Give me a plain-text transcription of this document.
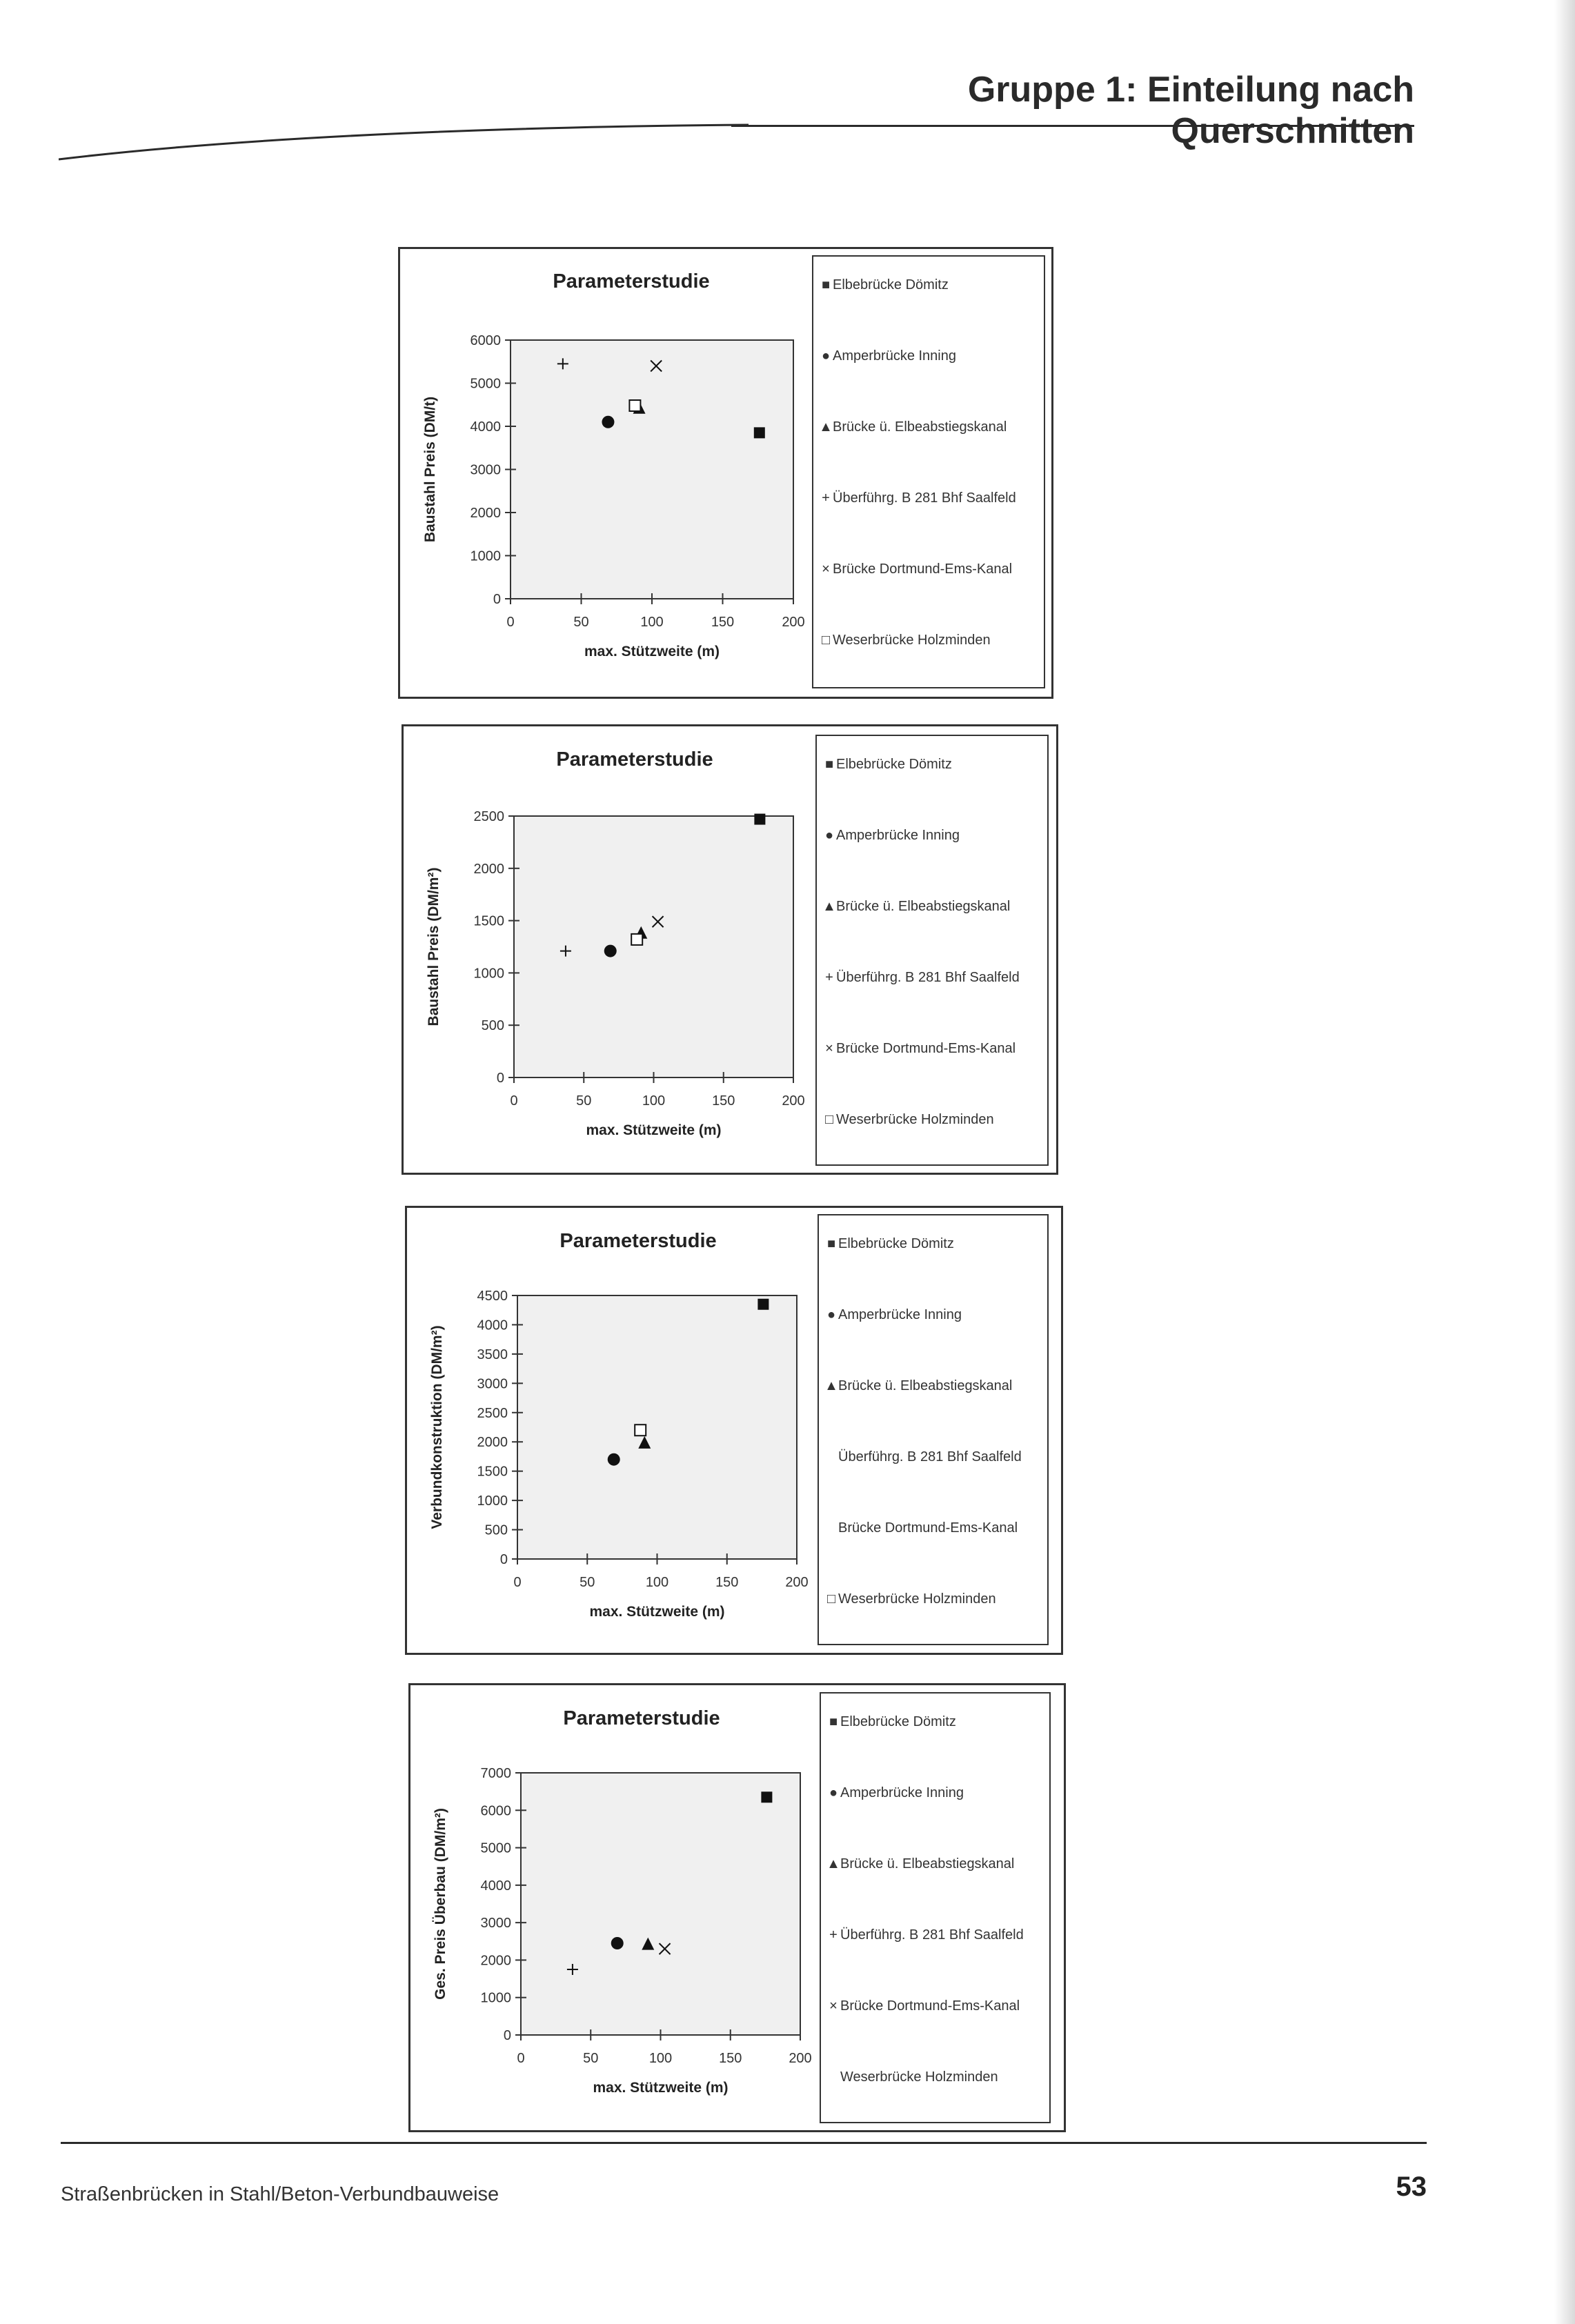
Gruppe 1: Einteilung nach Querschnitten
Parameterstudie
0
1000
2000
3000
4000
5000
6000
0	50	100	150	200
max. Stützweite (m)
Baustahl Preis (DM/t)
■ Elbebrücke Dömitz
● Amperbrücke Inning
▲ Brücke ü. Elbeabstiegskanal
+ Überführg. B 281 Bhf Saalfeld
× Brücke Dortmund-Ems-Kanal
□ Weserbrücke Holzminden
Parameterstudie
0
500
1000
1500
2000
2500
0	50	100	150	200
max. Stützweite (m)
Baustahl Preis (DM/m²)
■ Elbebrücke Dömitz
● Amperbrücke Inning
▲ Brücke ü. Elbeabstiegskanal
+ Überführg. B 281 Bhf Saalfeld
× Brücke Dortmund-Ems-Kanal
□ Weserbrücke Holzminden
Parameterstudie
0
500
1000
1500
2000
2500
3000
3500
4000
4500
0	50	100	150	200
max. Stützweite (m)
Verbundkonstruktion (DM/m²)
■ Elbebrücke Dömitz
● Amperbrücke Inning
▲ Brücke ü. Elbeabstiegskanal
Überführg. B 281 Bhf Saalfeld
Brücke Dortmund-Ems-Kanal
□ Weserbrücke Holzminden
Parameterstudie
0
1000
2000
3000
4000
5000
6000
7000
0	50	100	150	200
max. Stützweite (m)
Ges. Preis Überbau (DM/m²)
■ Elbebrücke Dömitz
● Amperbrücke Inning
▲ Brücke ü. Elbeabstiegskanal
+ Überführg. B 281 Bhf Saalfeld
× Brücke Dortmund-Ems-Kanal
Weserbrücke Holzminden
Straßenbrücken in Stahl/Beton-Verbundbauweise	53
